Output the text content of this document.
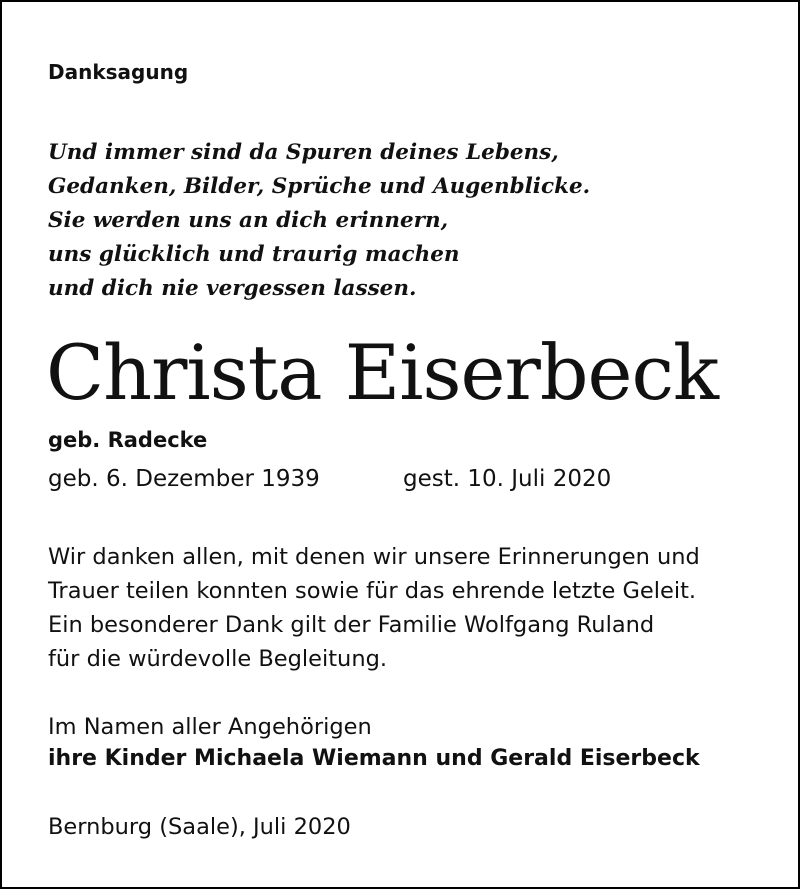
Danksagung
Und immer sind da Spuren deines Lebens,
Gedanken, Bilder, Sprüche und Augenblicke.
Sie werden uns an dich erinnern,
uns glücklich und traurig machen
und dich nie vergessen lassen.
Christa Eiserbeck
geb. Radecke
geb. 6. Dezember 1939	gest. 10. Juli 2020
Wir danken allen, mit denen wir unsere Erinnerungen und
Trauer teilen konnten sowie für das ehrende letzte Geleit.
Ein besonderer Dank gilt der Familie Wolfgang Ruland
für die würdevolle Begleitung.
Im Namen aller Angehörigen
ihre Kinder Michaela Wiemann und Gerald Eiserbeck
Bernburg (Saale), Juli 2020
